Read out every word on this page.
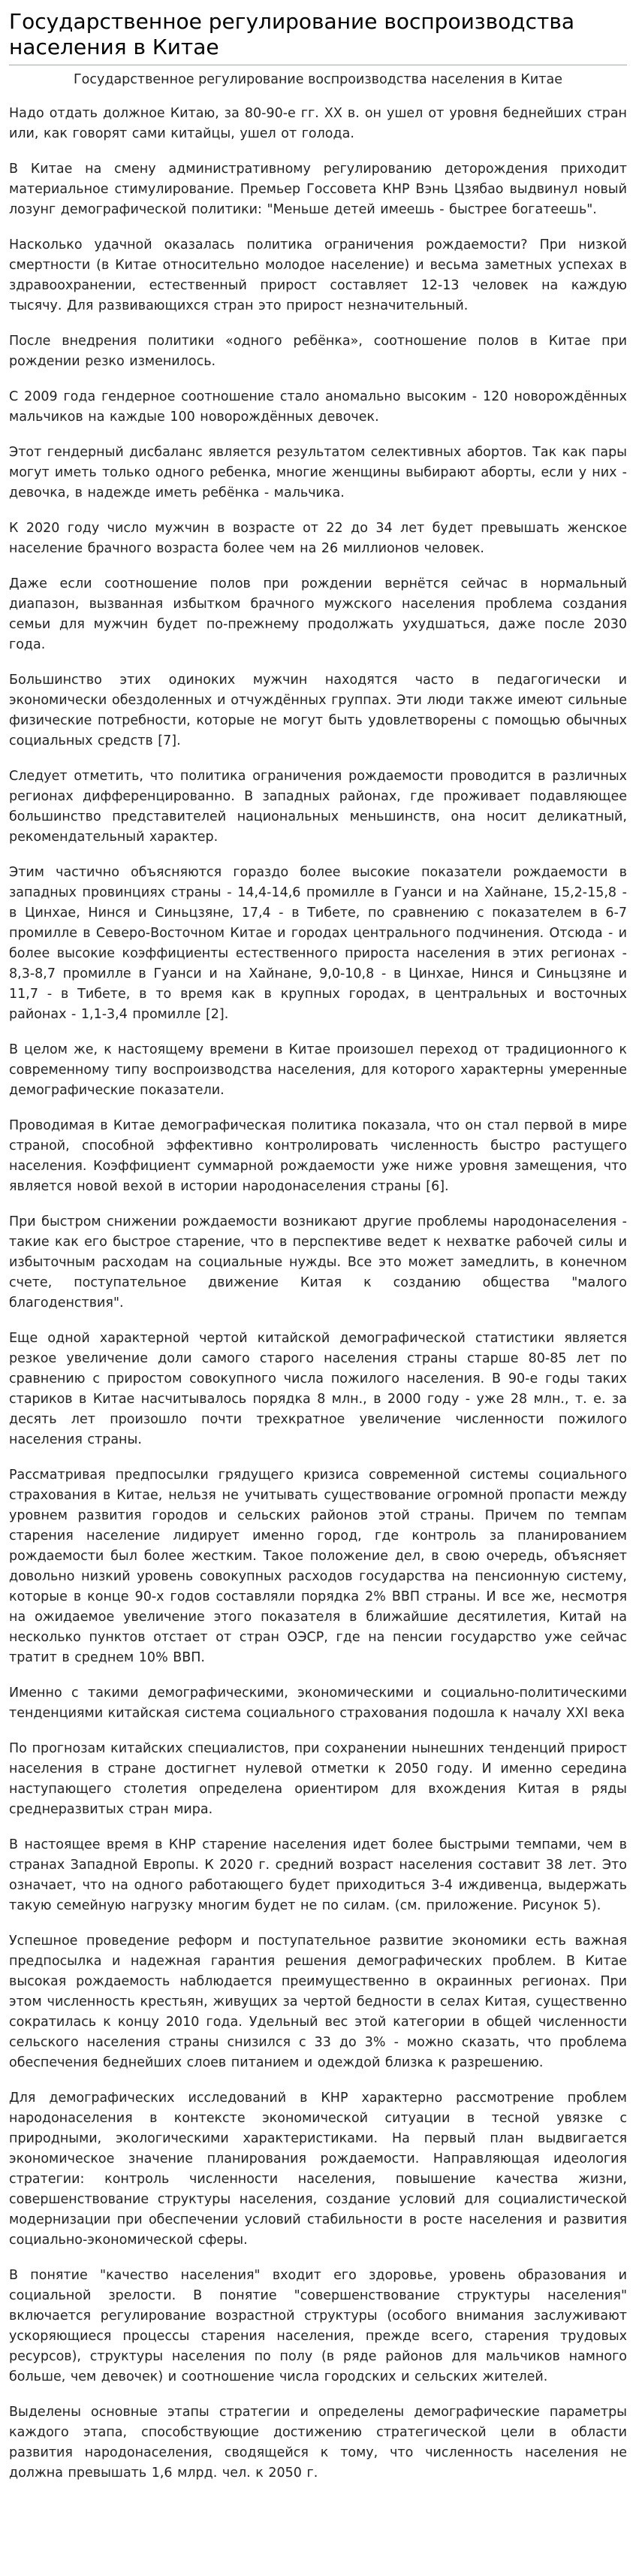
Государственное регулирование воспроизводства населения в Китае
Государственное регулирование воспроизводства населения в Китае

Надо отдать должное Китаю, за 80-90-е гг. XX в. он ушел от уровня беднейших стран или, как говорят сами китайцы, ушел от голода.

В Китае на смену административному регулированию деторождения приходит материальное стимулирование. Премьер Госсовета КНР Вэнь Цзябао выдвинул новый лозунг демографической политики: "Меньше детей имеешь - быстрее богатеешь".

Насколько удачной оказалась политика ограничения рождаемости? При низкой смертности (в Китае относительно молодое население) и весьма заметных успехах в здравоохранении, естественный прирост составляет 12-13 человек на каждую тысячу. Для развивающихся стран это прирост незначительный.

После внедрения политики «одного ребёнка», соотношение полов в Китае при рождении резко изменилось.

С 2009 года гендерное соотношение стало аномально высоким - 120 новорождённых мальчиков на каждые 100 новорождённых девочек.

Этот гендерный дисбаланс является результатом селективных абортов. Так как пары могут иметь только одного ребенка, многие женщины выбирают аборты, если у них - девочка, в надежде иметь ребёнка - мальчика.

К 2020 году число мужчин в возрасте от 22 до 34 лет будет превышать женское население брачного возраста более чем на 26 миллионов человек.

Даже если соотношение полов при рождении вернётся сейчас в нормальный диапазон, вызванная избытком брачного мужского населения проблема создания семьи для мужчин будет по-прежнему продолжать ухудшаться, даже после 2030 года.

Большинство этих одиноких мужчин находятся часто в педагогически и экономически обездоленных и отчуждённых группах. Эти люди также имеют сильные физические потребности, которые не могут быть удовлетворены с помощью обычных социальных средств [7].

Следует отметить, что политика ограничения рождаемости проводится в различных регионах дифференцированно. В западных районах, где проживает подавляющее большинство представителей национальных меньшинств, она носит деликатный, рекомендательный характер.

Этим частично объясняются гораздо более высокие показатели рождаемости в западных провинциях страны - 14,4-14,6 промилле в Гуанси и на Хайнане, 15,2-15,8 - в Цинхае, Нинся и Синьцзяне, 17,4 - в Тибете, по сравнению с показателем в 6-7 промилле в Северо-Восточном Китае и городах центрального подчинения. Отсюда - и более высокие коэффициенты естественного прироста населения в этих регионах - 8,3-8,7 промилле в Гуанси и на Хайнане, 9,0-10,8 - в Цинхае, Нинся и Синьцзяне и 11,7 - в Тибете, в то время как в крупных городах, в центральных и восточных районах - 1,1-3,4 промилле [2].

В целом же, к настоящему времени в Китае произошел переход от традиционного к современному типу воспроизводства населения, для которого характерны умеренные демографические показатели.

Проводимая в Китае демографическая политика показала, что он стал первой в мире страной, способной эффективно контролировать численность быстро растущего населения. Коэффициент суммарной рождаемости уже ниже уровня замещения, что является новой вехой в истории народонаселения страны [6].

При быстром снижении рождаемости возникают другие проблемы народонаселения - такие как его быстрое старение, что в перспективе ведет к нехватке рабочей силы и избыточным расходам на социальные нужды. Все это может замедлить, в конечном счете, поступательное движение Китая к созданию общества "малого благоденствия".

Еще одной характерной чертой китайской демографической статистики является резкое увеличение доли самого старого населения страны старше 80-85 лет по сравнению с приростом совокупного числа пожилого населения. В 90-е годы таких стариков в Китае насчитывалось порядка 8 млн., в 2000 году - уже 28 млн., т. е. за десять лет произошло почти трехкратное увеличение численности пожилого населения страны.

Рассматривая предпосылки грядущего кризиса современной системы социального страхования в Китае, нельзя не учитывать существование огромной пропасти между уровнем развития городов и сельских районов этой страны. Причем по темпам старения население лидирует именно город, где контроль за планированием рождаемости был более жестким. Такое положение дел, в свою очередь, объясняет довольно низкий уровень совокупных расходов государства на пенсионную систему, которые в конце 90-х годов составляли порядка 2% ВВП страны. И все же, несмотря на ожидаемое увеличение этого показателя в ближайшие десятилетия, Китай на несколько пунктов отстает от стран ОЭСР, где на пенсии государство уже сейчас тратит в среднем 10% ВВП.

Именно с такими демографическими, экономическими и социально-политическими тенденциями китайская система социального страхования подошла к началу XXI века

По прогнозам китайских специалистов, при сохранении нынешних тенденций прирост населения в стране достигнет нулевой отметки к 2050 году. И именно середина наступающего столетия определена ориентиром для вхождения Китая в ряды среднеразвитых стран мира.

В настоящее время в КНР старение населения идет более быстрыми темпами, чем в странах Западной Европы. К 2020 г. средний возраст населения составит 38 лет. Это означает, что на одного работающего будет приходиться 3-4 иждивенца, выдержать такую семейную нагрузку многим будет не по силам. (см. приложение. Рисунок 5).

Успешное проведение реформ и поступательное развитие экономики есть важная предпосылка и надежная гарантия решения демографических проблем. В Китае высокая рождаемость наблюдается преимущественно в окраинных регионах. При этом численность крестьян, живущих за чертой бедности в селах Китая, существенно сократилась к концу 2010 года. Удельный вес этой категории в общей численности сельского населения страны снизился с 33 до 3% - можно сказать, что проблема обеспечения беднейших слоев питанием и одеждой близка к разрешению.

Для демографических исследований в КНР характерно рассмотрение проблем народонаселения в контексте экономической ситуации в тесной увязке с природными, экологическими характеристиками. На первый план выдвигается экономическое значение планирования рождаемости. Направляющая идеология стратегии: контроль численности населения, повышение качества жизни, совершенствование структуры населения, создание условий для социалистической модернизации при обеспечении условий стабильности в росте населения и развития социально-экономической сферы.

В понятие "качество населения" входит его здоровье, уровень образования и социальной зрелости. В понятие "совершенствование структуры населения" включается регулирование возрастной структуры (особого внимания заслуживают ускоряющиеся процессы старения населения, прежде всего, старения трудовых ресурсов), структуры населения по полу (в ряде районов для мальчиков намного больше, чем девочек) и соотношение числа городских и сельских жителей.

Выделены основные этапы стратегии и определены демографические параметры каждого этапа, способствующие достижению стратегической цели в области развития народонаселения, сводящейся к тому, что численность населения не должна превышать 1,6 млрд. чел. к 2050 г.
